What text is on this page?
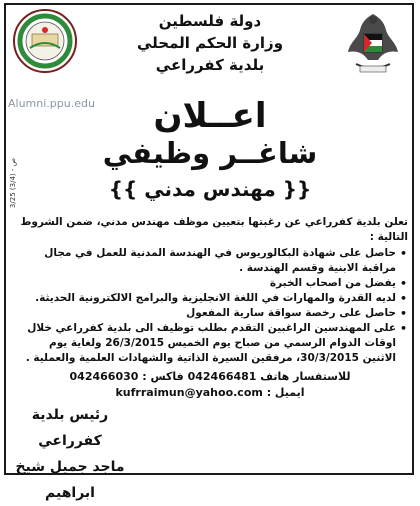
دولة فلسطين
وزارة الحكم المحلي
بلدية كفرراعي
Alumni.ppu.edu
ص - (3/4) 3/25
اعــلان
شاغــر وظيفي
{{ مهندس مدني }}
تعلن بلدية كفرراعي عن رغبتها بتعيين موظف مهندس مدني، ضمن الشروط التالية :
• حاصل على شهادة البكالوريوس في الهندسة المدنية للعمل في مجال مراقبة الابنية وقسم الهندسة .
• يفضل من اصحاب الخبرة
• لديه القدرة والمهارات في اللغة الانجليزية والبرامج الالكترونية الحديثة.
• حاصل على رخصة سواقة سارية المفعول
• على المهندسين الراغبين التقدم بطلب توظيف الى بلدية كفرراعي خلال اوقات الدوام الرسمي من صباح يوم الخميس 26/3/2015 ولغاية يوم الاثنين 30/3/2015، مرفقين السيرة الذاتية والشهادات العلمية والعملية .
للاستفسار هاتف 042466481 فاكس : 042466030
ايميل : kufrraimun@yahoo.com
رئيس بلدية كفرراعي
ماجد جميل شيخ ابراهيم
